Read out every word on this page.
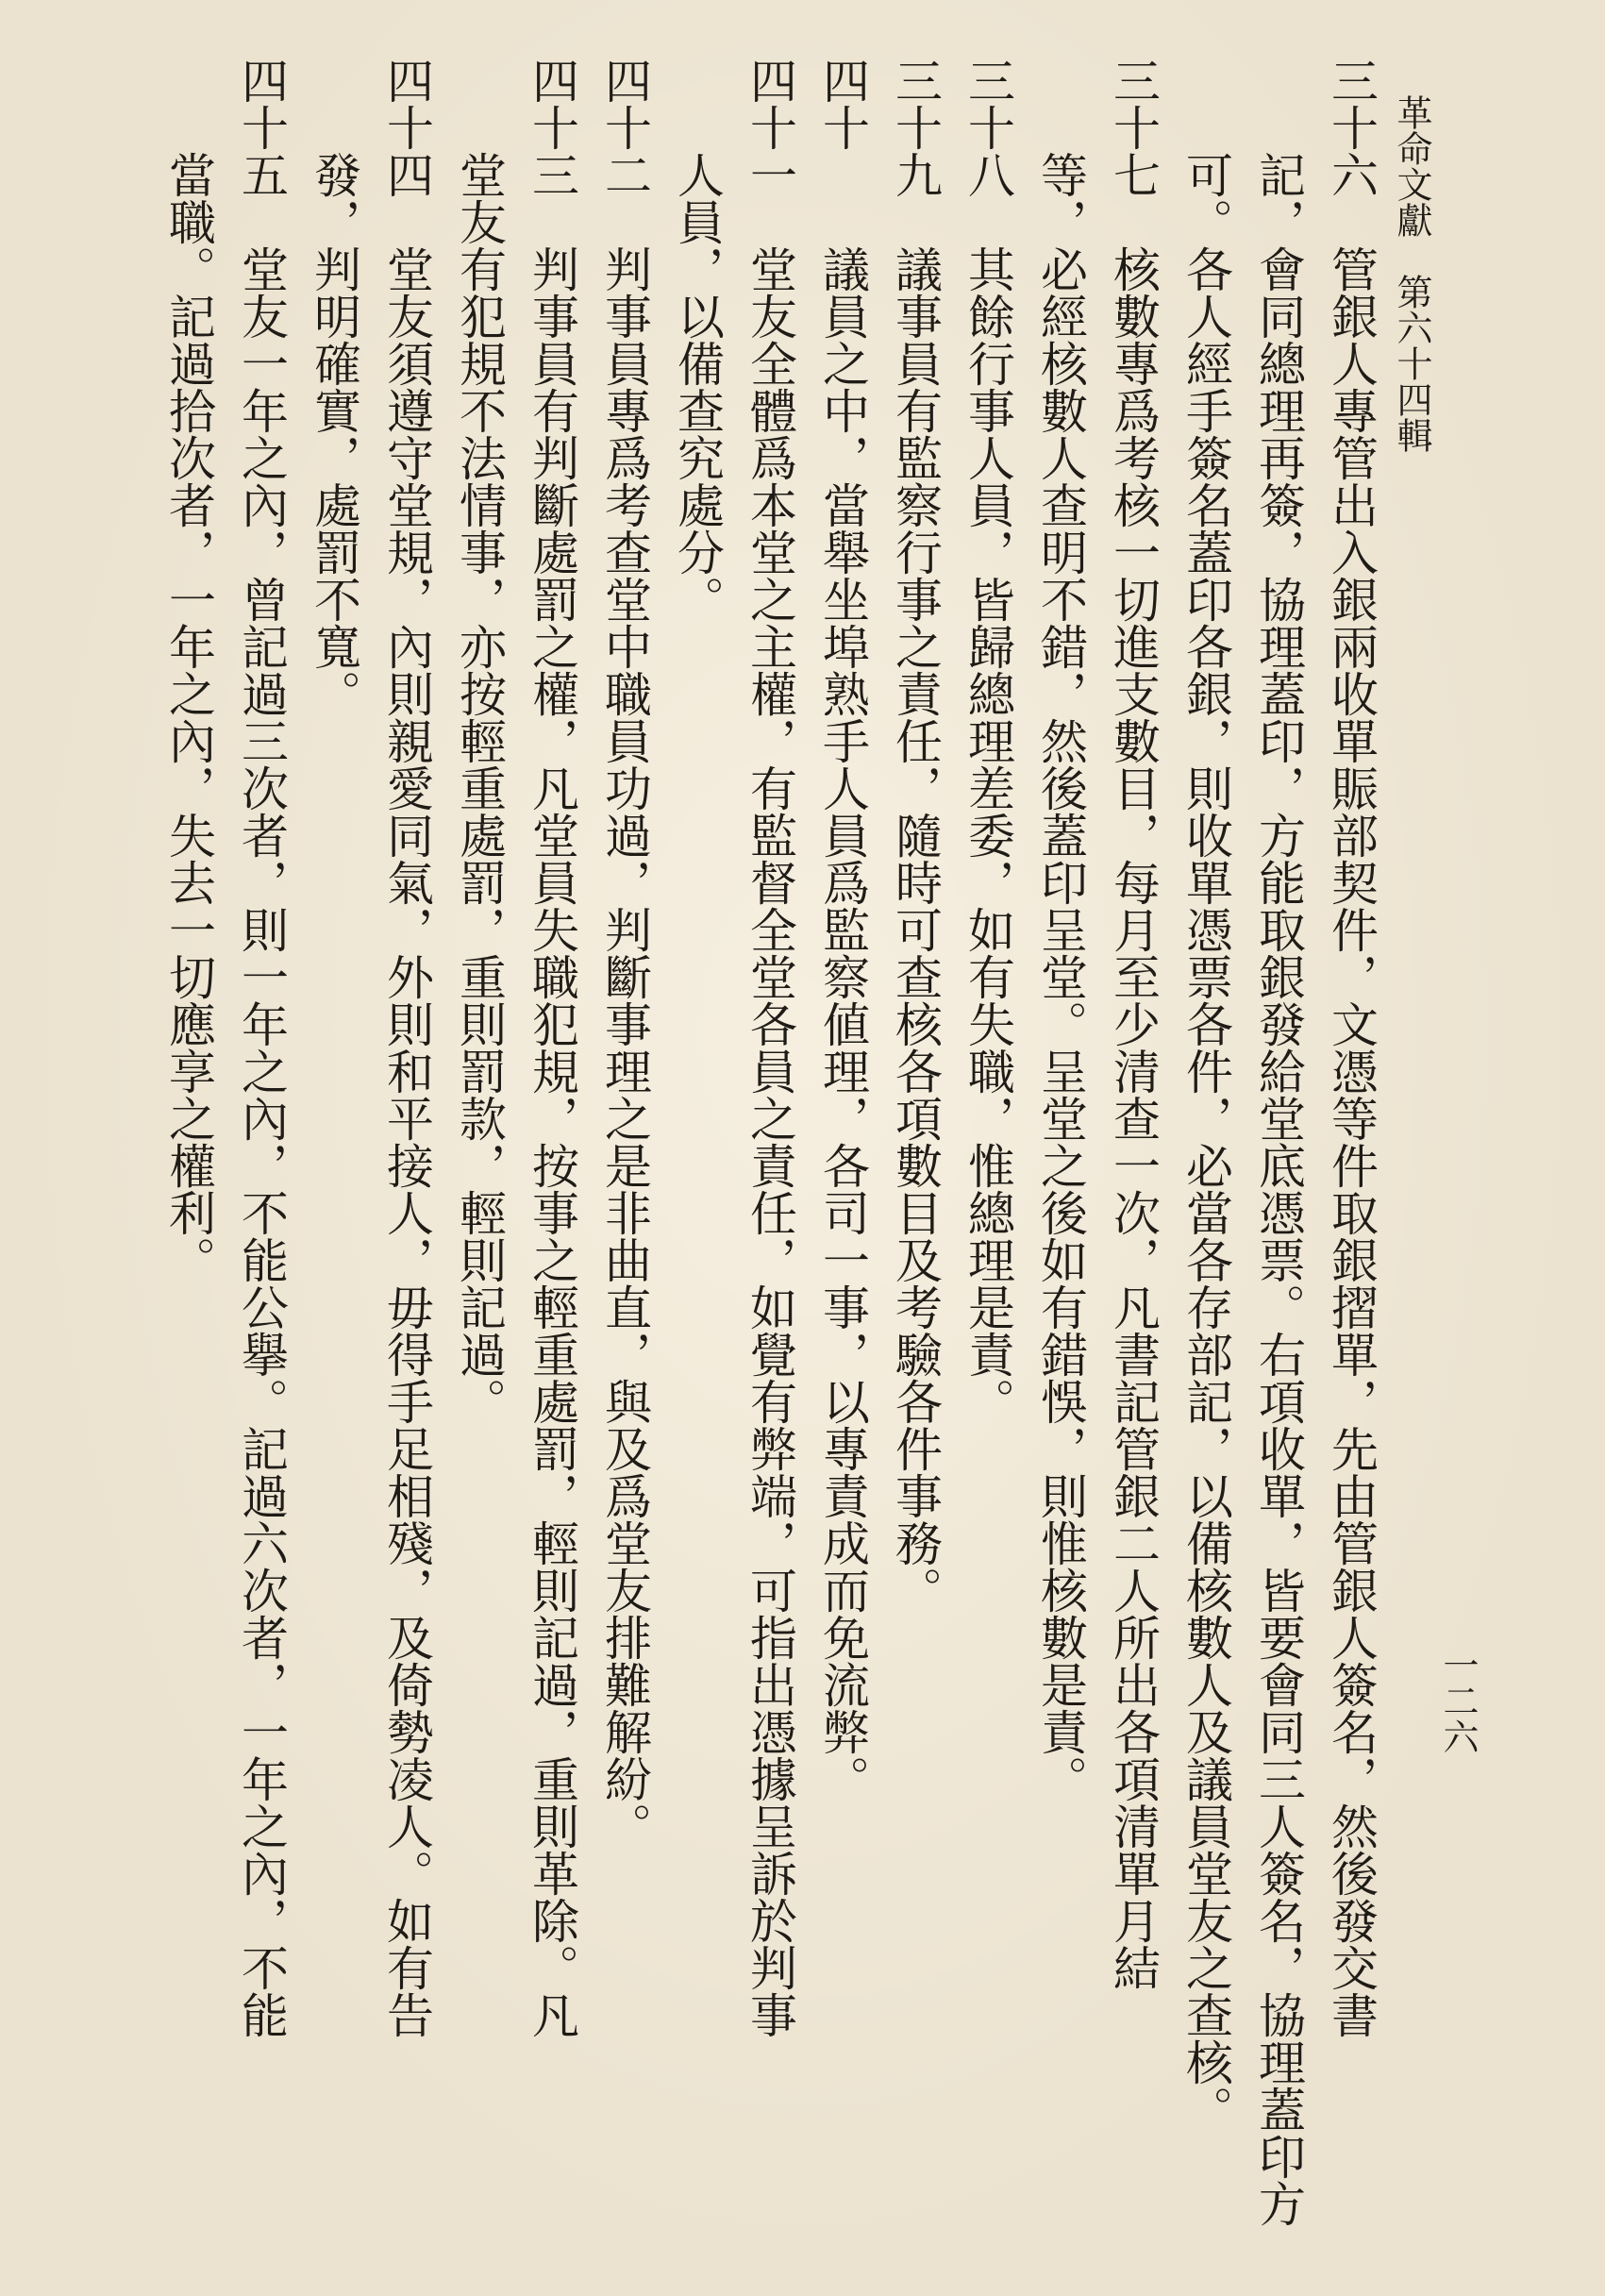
革命文獻　第六十四輯
一二六
三十六　管銀人專管出入銀兩收單賑部契件，文憑等件取銀摺單，先由管銀人簽名，然後發交書
記，會同總理再簽，協理蓋印，方能取銀發給堂底憑票。右項收單，皆要會同三人簽名，協理蓋印方
可。各人經手簽名蓋印各銀，則收單憑票各件，必當各存部記，以備核數人及議員堂友之查核。
三十七　核數專爲考核一切進支數目，每月至少清查一次，凡書記管銀二人所出各項清單月結
等，必經核數人查明不錯，然後蓋印呈堂。呈堂之後如有錯悞，則惟核數是責。
三十八　其餘行事人員，皆歸總理差委，如有失職，惟總理是責。
三十九　議事員有監察行事之責任，隨時可查核各項數目及考驗各件事務。
四十　　議員之中，當舉坐埠熟手人員爲監察値理，各司一事，以專責成而免流弊。
四十一　堂友全體爲本堂之主權，有監督全堂各員之責任，如覺有弊端，可指出憑據呈訴於判事
人員，以備查究處分。
四十二　判事員專爲考查堂中職員功過，判斷事理之是非曲直，與及爲堂友排難解紛。
四十三　判事員有判斷處罰之權，凡堂員失職犯規，按事之輕重處罰，輕則記過，重則革除。凡
堂友有犯規不法情事，亦按輕重處罰，重則罰款，輕則記過。
四十四　堂友須遵守堂規，內則親愛同氣，外則和平接人，毋得手足相殘，及倚勢凌人。如有告
發，判明確實，處罰不寬。
四十五　堂友一年之內，曾記過三次者，則一年之內，不能公擧。記過六次者，一年之內，不能
當職。記過拾次者，一年之內，失去一切應享之權利。
